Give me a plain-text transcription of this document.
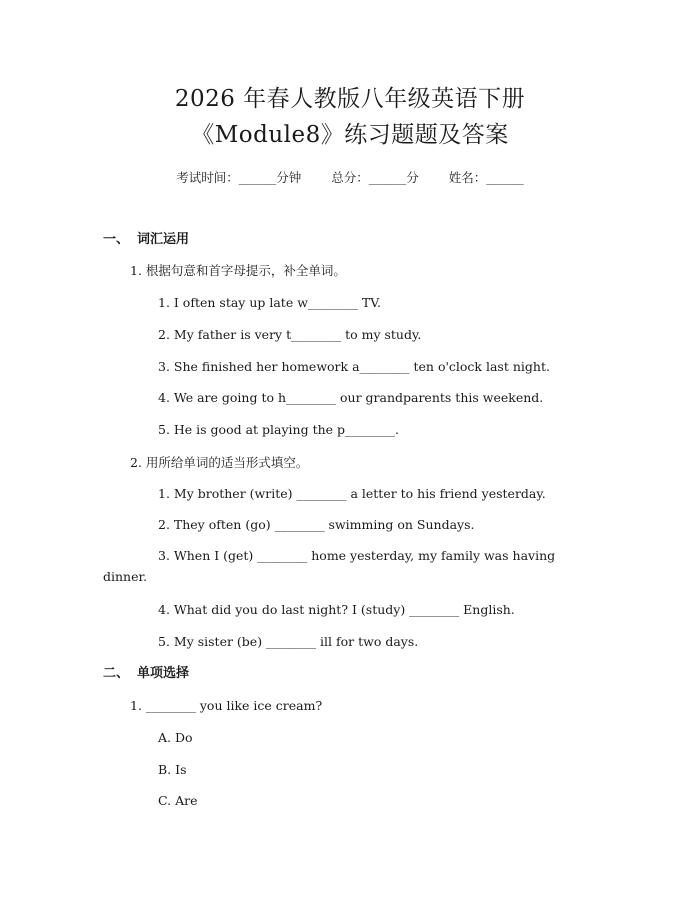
2026 年春人教版八年级英语下册
《Module8》练习题题及答案
考试时间：______分钟 总分：______分 姓名：______
一、 词汇运用
1. 根据句意和首字母提示，补全单词。
1. I often stay up late w________ TV.
2. My father is very t________ to my study.
3. She finished her homework a________ ten o'clock last night.
4. We are going to h________ our grandparents this weekend.
5. He is good at playing the p________.
2. 用所给单词的适当形式填空。
1. My brother (write) ________ a letter to his friend yesterday.
2. They often (go) ________ swimming on Sundays.
3. When I (get) ________ home yesterday, my family was having
dinner.
4. What did you do last night? I (study) ________ English.
5. My sister (be) ________ ill for two days.
二、 单项选择
1. ________ you like ice cream?
A. Do
B. Is
C. Are
